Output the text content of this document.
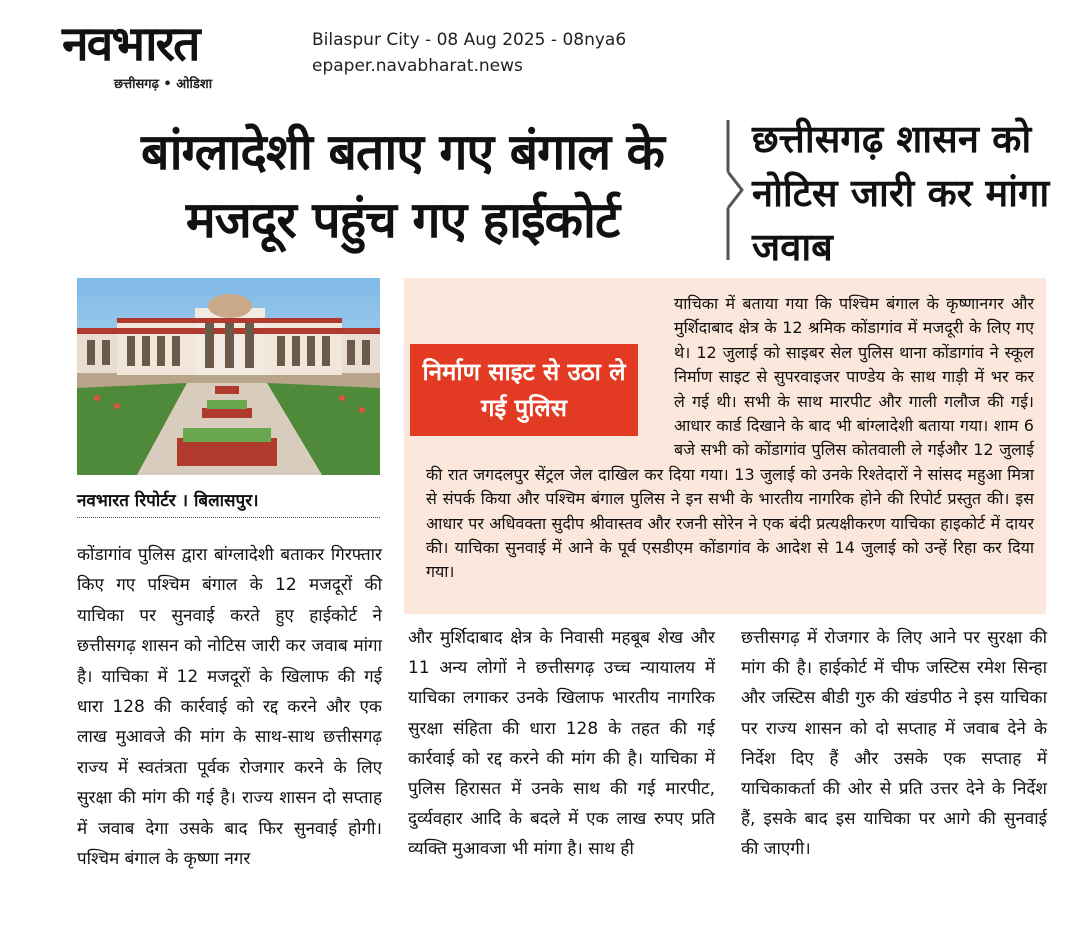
नवभारत
छत्तीसगढ़ • ओडिशा
Bilaspur City - 08 Aug 2025 - 08nya6
epaper.navabharat.news
बांग्लादेशी बताए गए बंगाल के मजदूर पहुंच गए हाईकोर्ट
छत्तीसगढ़ शासन को नोटिस जारी कर मांगा जवाब
नवभारत रिपोर्टर । बिलासपुर।
कोंडागांव पुलिस द्वारा बांग्लादेशी बताकर गिरफ्तार किए गए पश्चिम बंगाल के 12 मजदूरों की याचिका पर सुनवाई करते हुए हाईकोर्ट ने छत्तीसगढ़ शासन को नोटिस जारी कर जवाब मांगा है। याचिका में 12 मजदूरों के खिलाफ की गई धारा 128 की कार्रवाई को रद्द करने और एक लाख मुआवजे की मांग के साथ-साथ छत्तीसगढ़ राज्य में स्वतंत्रता पूर्वक रोजगार करने के लिए सुरक्षा की मांग की गई है। राज्य शासन दो सप्ताह में जवाब देगा उसके बाद फिर सुनवाई होगी। पश्चिम बंगाल के कृष्णा नगर
याचिका में बताया गया कि पश्चिम बंगाल के कृष्णानगर और मुर्शिदाबाद क्षेत्र के 12 श्रमिक कोंडागांव में मजदूरी के लिए गए थे। 12 जुलाई को साइबर सेल पुलिस थाना कोंडागांव ने स्कूल निर्माण साइट से सुपरवाइजर पाण्डेय के साथ गाड़ी में भर कर ले गई थी। सभी के साथ मारपीट और गाली गलौज की गई। आधार कार्ड दिखाने के बाद भी बांग्लादेशी बताया गया। शाम 6 बजे सभी को कोंडागांव पुलिस कोतवाली ले गईऔर 12 जुलाई की रात जगदलपुर सेंट्रल जेल दाखिल कर दिया गया। 13 जुलाई को उनके रिश्तेदारों ने सांसद महुआ मित्रा से संपर्क किया और पश्चिम बंगाल पुलिस ने इन सभी के भारतीय नागरिक होने की रिपोर्ट प्रस्तुत की। इस आधार पर अधिवक्ता सुदीप श्रीवास्तव और रजनी सोरेन ने एक बंदी प्रत्यक्षीकरण याचिका हाइकोर्ट में दायर की। याचिका सुनवाई में आने के पूर्व एसडीएम कोंडागांव के आदेश से 14 जुलाई को उन्हें रिहा कर दिया गया।
निर्माण साइट से उठा ले गई पुलिस
और मुर्शिदाबाद क्षेत्र के निवासी महबूब शेख और 11 अन्य लोगों ने छत्तीसगढ़ उच्च न्यायालय में याचिका लगाकर उनके खिलाफ भारतीय नागरिक सुरक्षा संहिता की धारा 128 के तहत की गई कार्रवाई को रद्द करने की मांग की है। याचिका में पुलिस हिरासत में उनके साथ की गई मारपीट, दुर्व्यवहार आदि के बदले में एक लाख रुपए प्रति व्यक्ति मुआवजा भी मांगा है। साथ ही
छत्तीसगढ़ में रोजगार के लिए आने पर सुरक्षा की मांग की है। हाईकोर्ट में चीफ जस्टिस रमेश सिन्हा और जस्टिस बीडी गुरु की खंडपीठ ने इस याचिका पर राज्य शासन को दो सप्ताह में जवाब देने के निर्देश दिए हैं और उसके एक सप्ताह में याचिकाकर्ता की ओर से प्रति उत्तर देने के निर्देश हैं, इसके बाद इस याचिका पर आगे की सुनवाई की जाएगी।
